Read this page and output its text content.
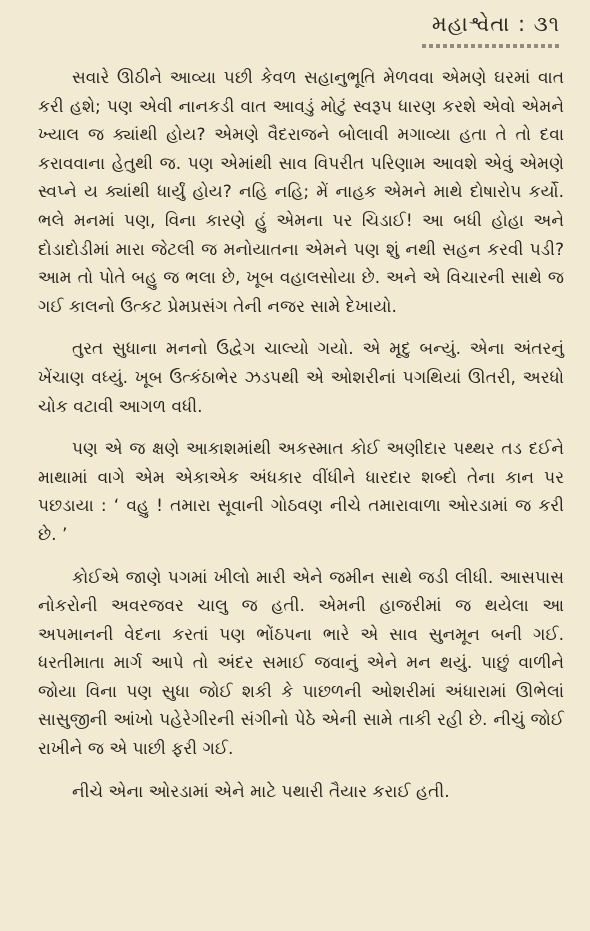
મહાશ્વેતા : ૩૧

સવારે ઊઠીને આવ્યા પછી કેવળ સહાનુભૂતિ મેળવવા એમણે ઘરમાં વાત કરી હશે; પણ એવી નાનકડી વાત આવડું મોટું સ્વરૂપ ધારણ કરશે એવો એમને ખ્યાલ જ ક્યાંથી હોય? એમણે વૈદરાજને બોલાવી મગાવ્યા હતા તે તો દવા કરાવવાના હેતુથી જ. પણ એમાંથી સાવ વિપરીત પરિણામ આવશે એવું એમણે સ્વપ્ને ય ક્યાંથી ધાર્યું હોય? નહિ નહિ; મેં નાહક એમને માથે દોષારોપ કર્યો. ભલે મનમાં પણ, વિના કારણે હું એમના પર ચિડાઈ! આ બધી હોહા અને દોડાદોડીમાં મારા જેટલી જ મનોયાતના એમને પણ શું નથી સહન કરવી પડી? આમ તો પોતે બહુ જ ભલા છે, ખૂબ વહાલસોયા છે. અને એ વિચારની સાથે જ ગઈ કાલનો ઉત્કટ પ્રેમપ્રસંગ તેની નજર સામે દેખાયો.

તુરત સુધાના મનનો ઉદ્વેગ ચાલ્યો ગયો. એ મૃદુ બન્યું. એના અંતરનું ખેંચાણ વધ્યું. ખૂબ ઉત્કંઠાભેર ઝડપથી એ ઓશરીનાં પગથિયાં ઊતરી, અરધો ચોક વટાવી આગળ વધી.

પણ એ જ ક્ષણે આકાશમાંથી અકસ્માત કોઈ અણીદાર પથ્થર તડ દઈને માથામાં વાગે એમ એકાએક અંધકાર વીંધીને ધારદાર શબ્દો તેના કાન પર પછડાયા : ‘ વહુ ! તમારા સૂવાની ગોઠવણ નીચે તમારાવાળા ઓરડામાં જ કરી છે. ’

કોઈએ જાણે પગમાં ખીલો મારી એને જમીન સાથે જડી લીધી. આસપાસ નોકરોની અવરજવર ચાલુ જ હતી. એમની હાજરીમાં જ થયેલા આ અપમાનની વેદના કરતાં પણ ભોંઠપના ભારે એ સાવ સુનમૂન બની ગઈ. ધરતીમાતા માર્ગ આપે તો અંદર સમાઈ જવાનું એને મન થયું. પાછું વાળીને જોયા વિના પણ સુધા જોઈ શકી કે પાછળની ઓશરીમાં અંધારામાં ઊભેલાં સાસુજીની આંખો પહેરેગીરની સંગીનો પેઠે એની સામે તાકી રહી છે. નીચું જોઈ રાખીને જ એ પાછી ફરી ગઈ.

નીચે એના ઓરડામાં એને માટે પથારી તૈયાર કરાઈ હતી.
